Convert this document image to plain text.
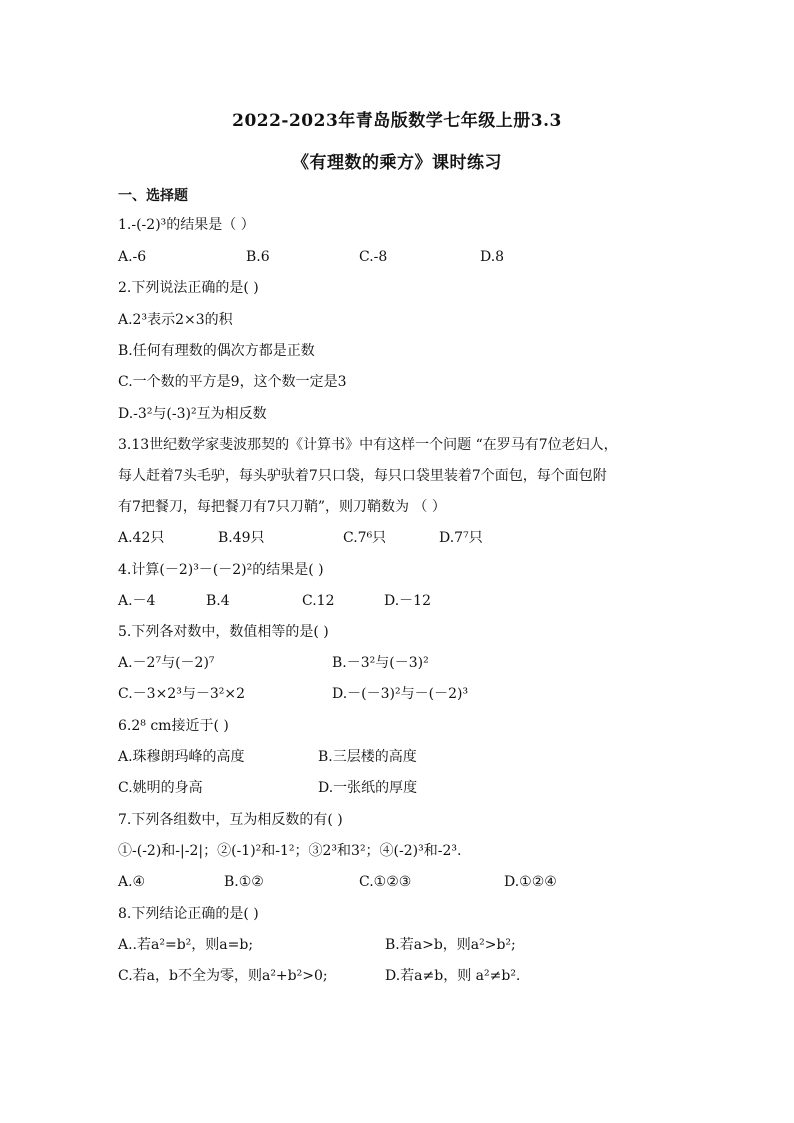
2022-2023年青岛版数学七年级上册3.3
《有理数的乘方》课时练习
一、选择题
1.-(-2)³的结果是（ ）
A.-6	B.6	C.-8	D.8
2.下列说法正确的是( )
A.2³表示2×3的积
B.任何有理数的偶次方都是正数
C.一个数的平方是9，这个数一定是3
D.-3²与(-3)²互为相反数
3.13世纪数学家斐波那契的《计算书》中有这样一个问题 “在罗马有7位老妇人，
每人赶着7头毛驴，每头驴驮着7只口袋，每只口袋里装着7个面包，每个面包附
有7把餐刀，每把餐刀有7只刀鞘”，则刀鞘数为 （ ）
A.42只	B.49只	C.7⁶只	D.7⁷只
4.计算(－2)³－(－2)²的结果是( )
A.－4	B.4	C.12	D.－12
5.下列各对数中，数值相等的是( )
A.－2⁷与(－2)⁷	B.－3²与(－3)²
C.－3×2³与－3²×2	D.－(－3)²与－(－2)³
6.2⁸ cm接近于( )
A.珠穆朗玛峰的高度	B.三层楼的高度
C.姚明的身高	D.一张纸的厚度
7.下列各组数中，互为相反数的有( )
①-(-2)和-|-2|；②(-1)²和-1²；③2³和3²；④(-2)³和-2³.
A.④	B.①②	C.①②③	D.①②④
8.下列结论正确的是( )
A..若a²=b²，则a=b;	B.若a>b，则a²>b²;
C.若a，b不全为零，则a²+b²>0;	D.若a≠b，则 a²≠b².
